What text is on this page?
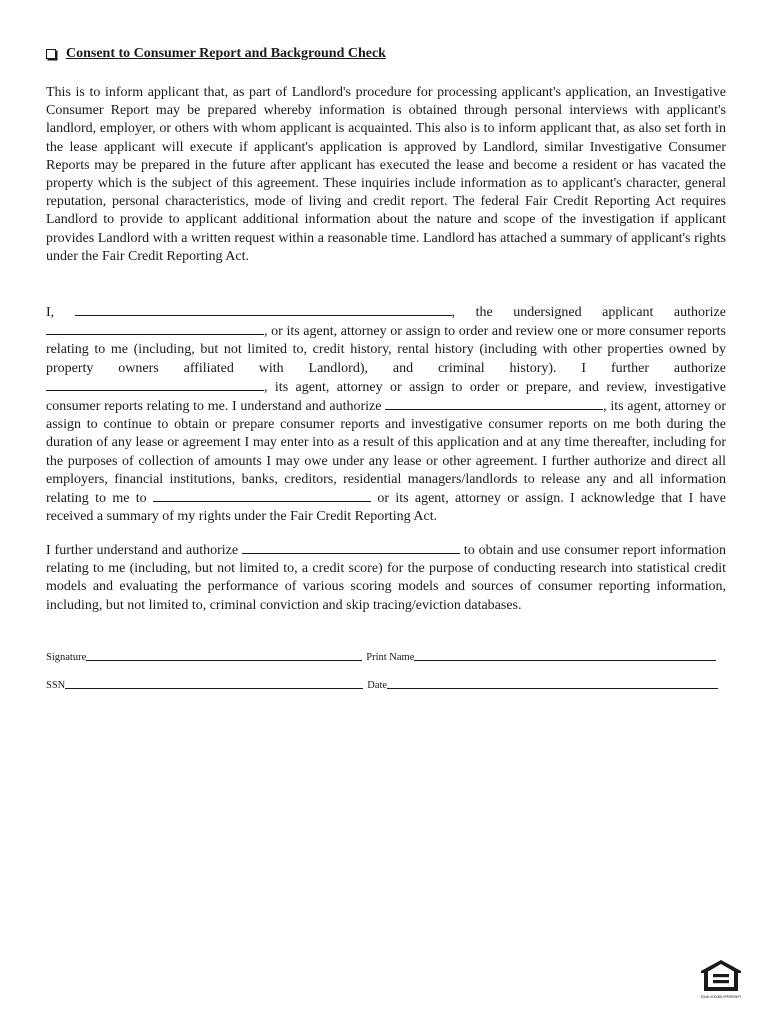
Consent to Consumer Report and Background Check

This is to inform applicant that, as part of Landlord's procedure for processing applicant's application, an Investigative Consumer Report may be prepared whereby information is obtained through personal interviews with applicant's landlord, employer, or others with whom applicant is acquainted. This also is to inform applicant that, as also set forth in the lease applicant will execute if applicant's application is approved by Landlord, similar Investigative Consumer Reports may be prepared in the future after applicant has executed the lease and become a resident or has vacated the property which is the subject of this agreement. These inquiries include information as to applicant's character, general reputation, personal characteristics, mode of living and credit report. The federal Fair Credit Reporting Act requires Landlord to provide to applicant additional information about the nature and scope of the investigation if applicant provides Landlord with a written request within a reasonable time. Landlord has attached a summary of applicant's rights under the Fair Credit Reporting Act.

I,	, the undersigned applicant authorize , or its agent, attorney or assign to order and review one or more consumer reports relating to me (including, but not limited to, credit history, rental history (including with other properties owned by property owners affiliated with Landlord), and criminal history). I further authorize , its agent, attorney or assign to order or prepare, and review, investigative consumer reports relating to me. I understand and authorize	, its agent, attorney or assign to continue to obtain or prepare consumer reports and investigative consumer reports on me both during the duration of any lease or agreement I may enter into as a result of this application and at any time thereafter, including for the purposes of collection of amounts I may owe under any lease or other agreement. I further authorize and direct all employers, financial institutions, banks, creditors, residential managers/landlords to release any and all information relating to me to	or its agent, attorney or assign. I acknowledge that I have received a summary of my rights under the Fair Credit Reporting Act.

I further understand and authorize	to obtain and use consumer report information relating to me (including, but not limited to, a credit score) for the purpose of conducting research into statistical credit models and evaluating the performance of various scoring models and sources of consumer reporting information, including, but not limited to, criminal conviction and skip tracing/eviction databases.

Signature	Print Name
SSN	Date
EQUAL HOUSING OPPORTUNITY
